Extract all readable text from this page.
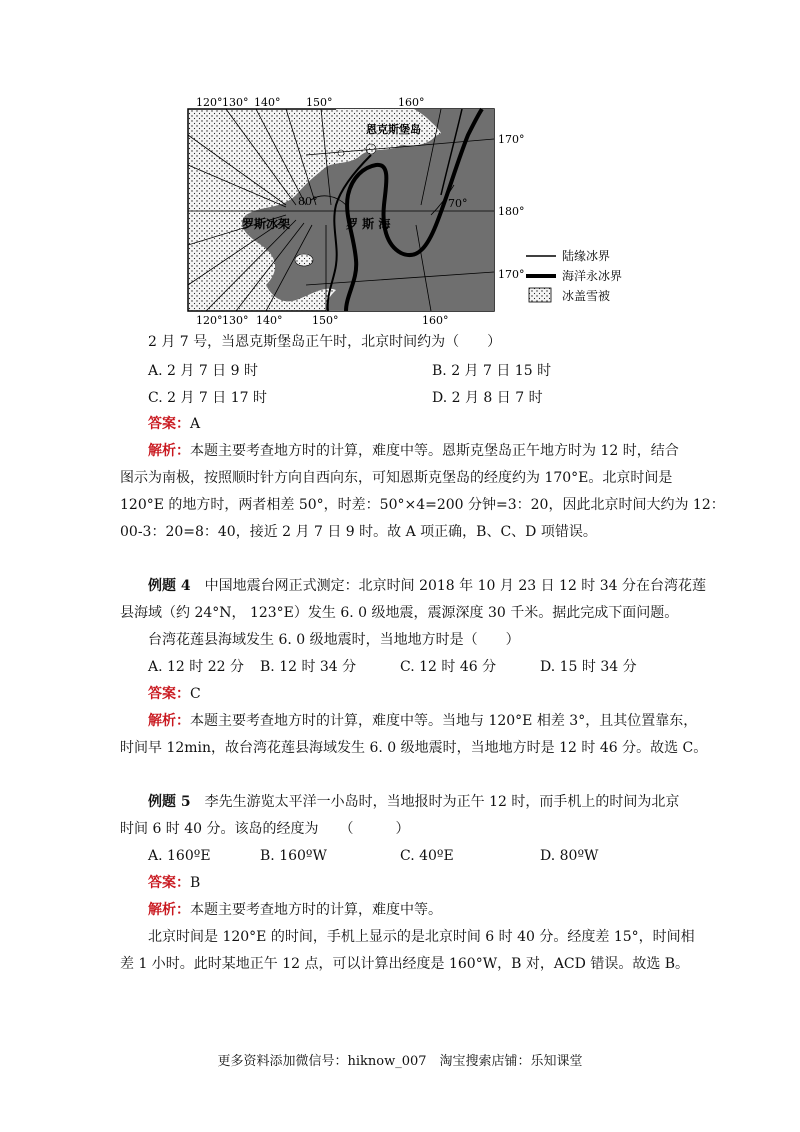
120° 130° 140° 150°	160°
120° 130° 140°	150°	160°
170°
180°
170°
80°	70°
恩克斯堡岛
罗斯冰架	罗 斯 海
陆缘冰界
海洋永冰界
冰盖雪被
2 月 7 号，当恩克斯堡岛正午时，北京时间约为（　　）
A. 2 月 7 日 9 时	B. 2 月 7 日 15 时
C. 2 月 7 日 17 时	D. 2 月 8 日 7 时
答案：A
解析：本题主要考查地方时的计算，难度中等。恩斯克堡岛正午地方时为 12 时，结合
图示为南极，按照顺时针方向自西向东，可知恩斯克堡岛的经度约为 170°E。北京时间是
120°E 的地方时，两者相差 50°，时差：50°×4=200 分钟=3：20，因此北京时间大约为 12：
00-3：20=8：40，接近 2 月 7 日 9 时。故 A 项正确，B、C、D 项错误。
例题 4　 中国地震台网正式测定：北京时间 2018 年 10 月 23 日 12 时 34 分在台湾花莲
县海域（约 24°N， 123°E）发生 6. 0 级地震，震源深度 30 千米。据此完成下面问题。
台湾花莲县海域发生 6. 0 级地震时，当地地方时是（　　）
A. 12 时 22 分 B. 12 时 34 分	C. 12 时 46 分	D. 15 时 34 分
答案：C
解析：本题主要考查地方时的计算，难度中等。当地与 120°E 相差 3°，且其位置靠东，
时间早 12min，故台湾花莲县海域发生 6. 0 级地震时，当地地方时是 12 时 46 分。故选 C。
例题 5　 李先生游览太平洋一小岛时，当地报时为正午 12 时，而手机上的时间为北京
时间 6 时 40 分。该岛的经度为　　（　　　）
A. 160ºE	B. 160ºW	C. 40ºE	D. 80ºW
答案：B
解析：本题主要考查地方时的计算，难度中等。
北京时间是 120°E 的时间，手机上显示的是北京时间 6 时 40 分。经度差 15°，时间相
差 1 小时。此时某地正午 12 点，可以计算出经度是 160°W，B 对，ACD 错误。故选 B。
更多资料添加微信号：hiknow_007　淘宝搜索店铺：乐知课堂
